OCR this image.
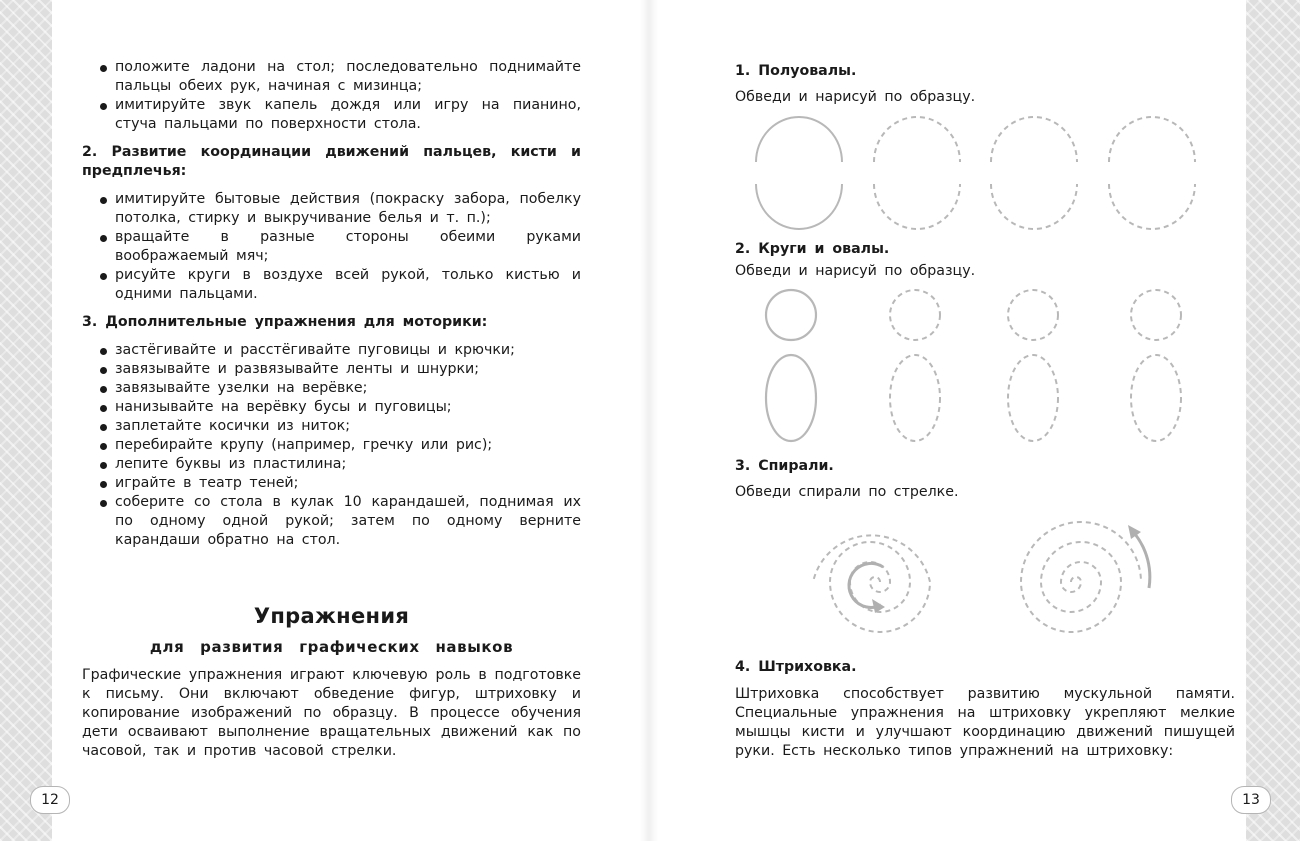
положите ладони на стол; последовательно поднимайте пальцы обеих рук, начиная с мизинца;
имитируйте звук капель дождя или игру на пианино, стуча пальцами по поверхности стола.
2. Развитие координации движений пальцев, кисти и предплечья:
имитируйте бытовые действия (покраску забора, побелку потолка, стирку и выкручивание белья и т. п.);
вращайте в разные стороны обеими руками воображаемый мяч;
рисуйте круги в воздухе всей рукой, только кистью и одними пальцами.
3. Дополнительные упражнения для моторики:
застёгивайте и расстёгивайте пуговицы и крючки;
завязывайте и развязывайте ленты и шнурки;
завязывайте узелки на верёвке;
нанизывайте на верёвку бусы и пуговицы;
заплетайте косички из ниток;
перебирайте крупу (например, гречку или рис);
лепите буквы из пластилина;
играйте в театр теней;
соберите со стола в кулак 10 карандашей, поднимая их по одному одной рукой; затем по одному верните карандаши обратно на стол.
Упражнения
для развития графических навыков
Графические упражнения играют ключевую роль в подготовке к письму. Они включают обведение фигур, штриховку и копирование изображений по образцу. В процессе обучения дети осваивают выполнение вращательных движений как по часовой, так и против часовой стрелки.
12
1. Полуовалы.
Обведи и нарисуй по образцу.
2. Круги и овалы.
Обведи и нарисуй по образцу.
3. Спирали.
Обведи спирали по стрелке.
4. Штриховка.
Штриховка способствует развитию мускульной памяти. Специальные упражнения на штриховку укрепляют мелкие мышцы кисти и улучшают координацию движений пишущей руки. Есть несколько типов упражнений на штриховку:
13
